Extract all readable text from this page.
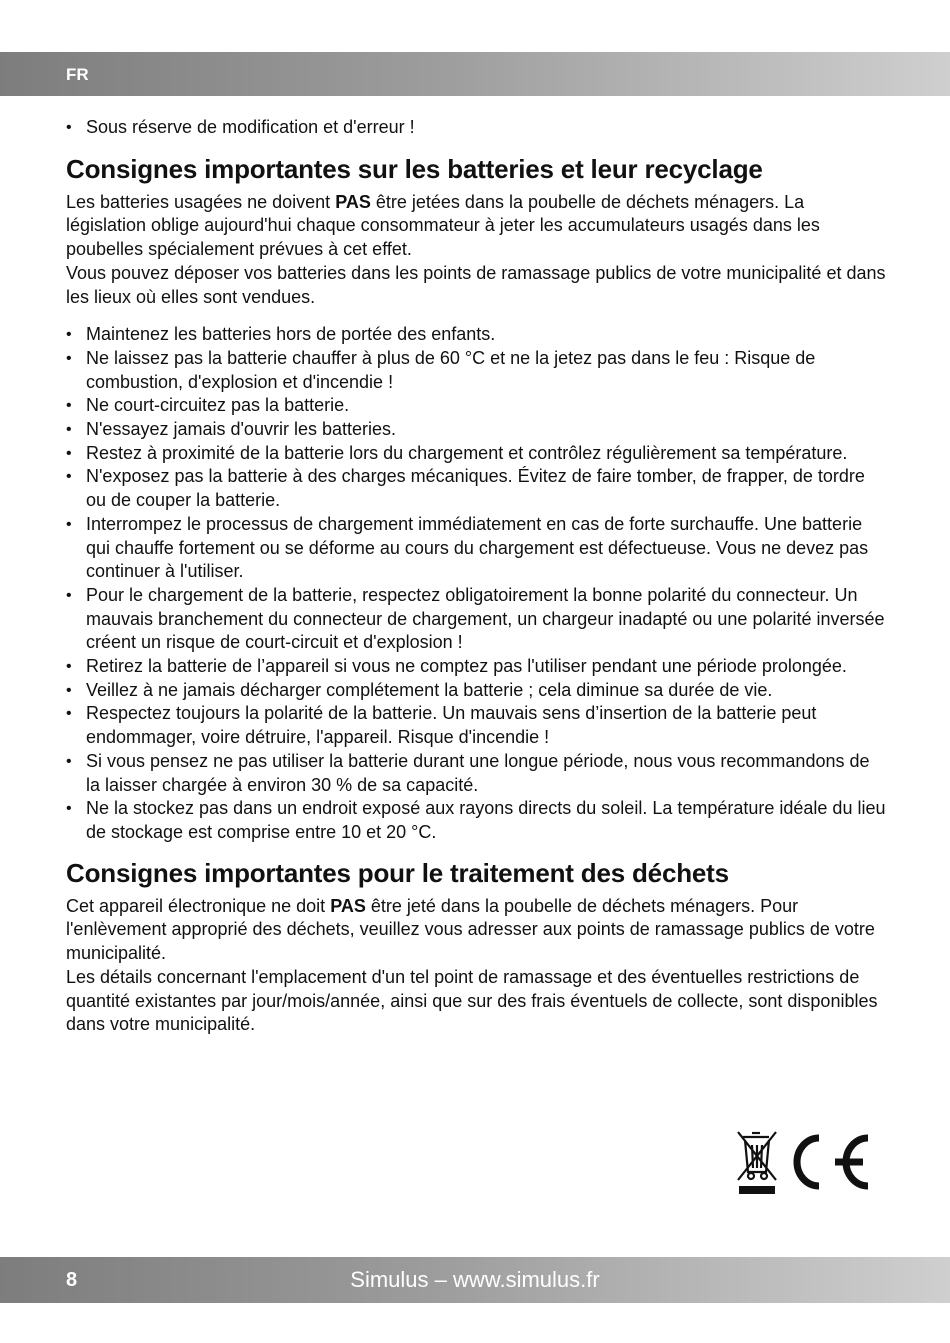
FR
• Sous réserve de modification et d'erreur !
Consignes importantes sur les batteries et leur recyclage

Les batteries usagées ne doivent PAS être jetées dans la poubelle de déchets ménagers. La législation oblige aujourd'hui chaque consommateur à jeter les accumulateurs usagés dans les poubelles spécialement prévues à cet effet.

Vous pouvez déposer vos batteries dans les points de ramassage publics de votre municipalité et dans les lieux où elles sont vendues.

• Maintenez les batteries hors de portée des enfants.
• Ne laissez pas la batterie chauffer à plus de 60 °C et ne la jetez pas dans le feu : Risque de combustion, d'explosion et d'incendie !
• Ne court-circuitez pas la batterie.
• N'essayez jamais d'ouvrir les batteries.
• Restez à proximité de la batterie lors du chargement et contrôlez régulièrement sa température.
• N'exposez pas la batterie à des charges mécaniques. Évitez de faire tomber, de frapper, de tordre ou de couper la batterie.
• Interrompez le processus de chargement immédiatement en cas de forte surchauffe. Une batterie qui chauffe fortement ou se déforme au cours du chargement est défectueuse. Vous ne devez pas continuer à l'utiliser.
• Pour le chargement de la batterie, respectez obligatoirement la bonne polarité du connecteur. Un mauvais branchement du connecteur de chargement, un chargeur inadapté ou une polarité inversée créent un risque de court-circuit et d'explosion !
• Retirez la batterie de l’appareil si vous ne comptez pas l'utiliser pendant une période prolongée.
• Veillez à ne jamais décharger complétement la batterie ; cela diminue sa durée de vie.
• Respectez toujours la polarité de la batterie. Un mauvais sens d’insertion de la batterie peut endommager, voire détruire, l'appareil. Risque d'incendie !
• Si vous pensez ne pas utiliser la batterie durant une longue période, nous vous recommandons de la laisser chargée à environ 30 % de sa capacité.
• Ne la stockez pas dans un endroit exposé aux rayons directs du soleil. La température idéale du lieu de stockage est comprise entre 10 et 20 °C.
Consignes importantes pour le traitement des déchets

Cet appareil électronique ne doit PAS être jeté dans la poubelle de déchets ménagers. Pour l'enlèvement approprié des déchets, veuillez vous adresser aux points de ramassage publics de votre municipalité.

Les détails concernant l'emplacement d'un tel point de ramassage et des éventuelles restrictions de quantité existantes par jour/mois/année, ainsi que sur des frais éventuels de collecte, sont disponibles dans votre municipalité.

8	Simulus – www.simulus.fr
